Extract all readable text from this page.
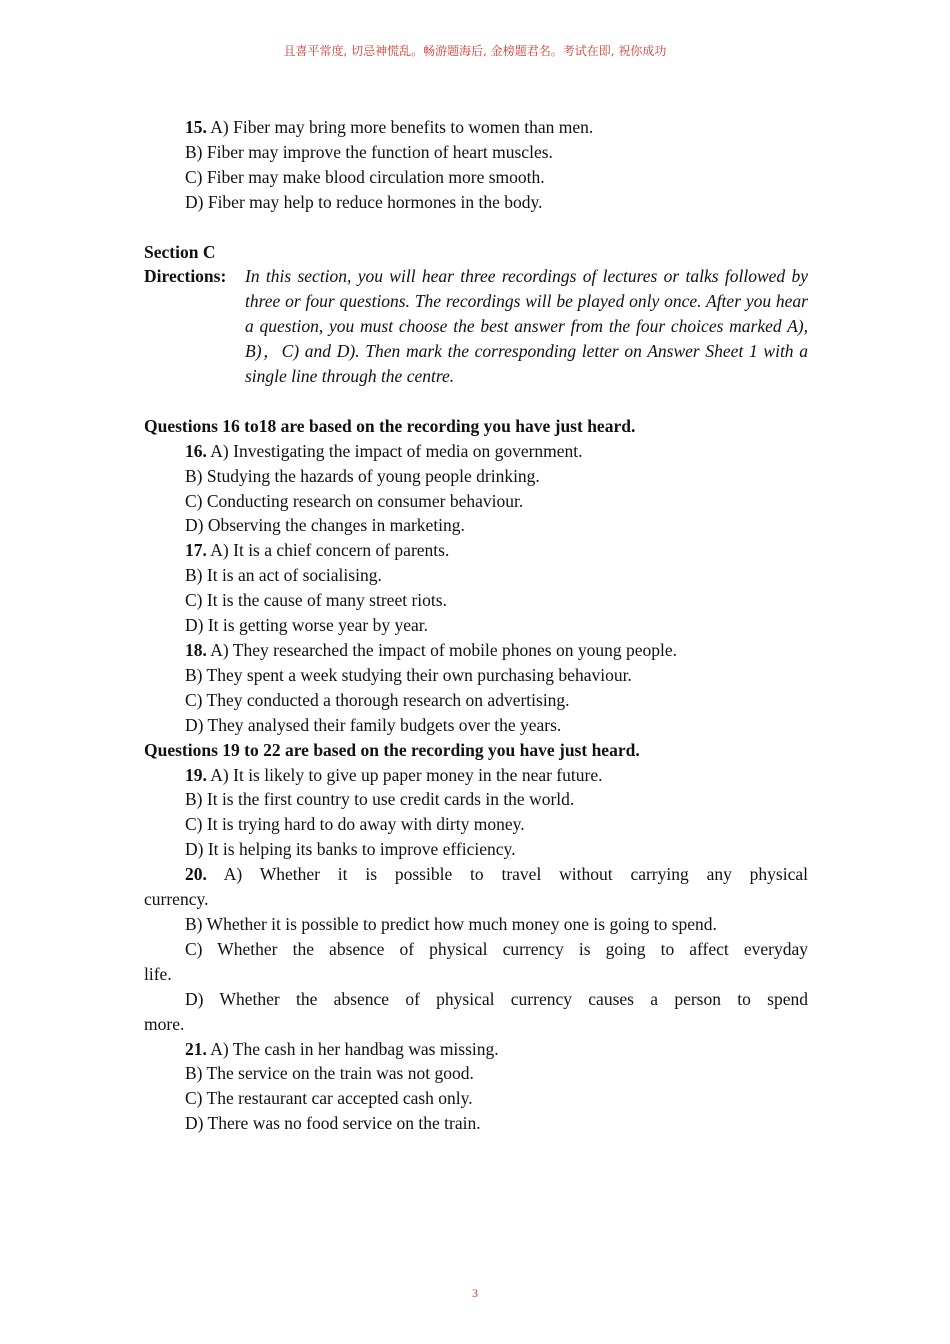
且喜平常度, 切忌神慌乱。畅游题海后, 金榜题君名。考试在即, 祝你成功
15. A) Fiber may bring more benefits to women than men.
B) Fiber may improve the function of heart muscles.
C) Fiber may make blood circulation more smooth.
D) Fiber may help to reduce hormones in the body.
Section C
Directions:	In this section, you will hear three recordings of lectures or talks followed by three or four questions. The recordings will be played only once. After you hear a question, you must choose the best answer from the four choices marked A), B)，C) and D). Then mark the corresponding letter on Answer Sheet 1 with a single line through the centre.
Questions 16 to18 are based on the recording you have just heard.
16. A) Investigating the impact of media on government.
B) Studying the hazards of young people drinking.
C) Conducting research on consumer behaviour.
D) Observing the changes in marketing.
17. A) It is a chief concern of parents.
B) It is an act of socialising.
C) It is the cause of many street riots.
D) It is getting worse year by year.
18. A) They researched the impact of mobile phones on young people.
B) They spent a week studying their own purchasing behaviour.
C) They conducted a thorough research on advertising.
D) They analysed their family budgets over the years.
Questions 19 to 22 are based on the recording you have just heard.
19. A) It is likely to give up paper money in the near future.
B) It is the first country to use credit cards in the world.
C) It is trying hard to do away with dirty money.
D) It is helping its banks to improve efficiency.
20. A) Whether it is possible to travel without carrying any physical
currency.
B) Whether it is possible to predict how much money one is going to spend.
C) Whether the absence of physical currency is going to affect everyday
life.
D) Whether the absence of physical currency causes a person to spend
more.
21. A) The cash in her handbag was missing.
B) The service on the train was not good.
C) The restaurant car accepted cash only.
D) There was no food service on the train.
3
